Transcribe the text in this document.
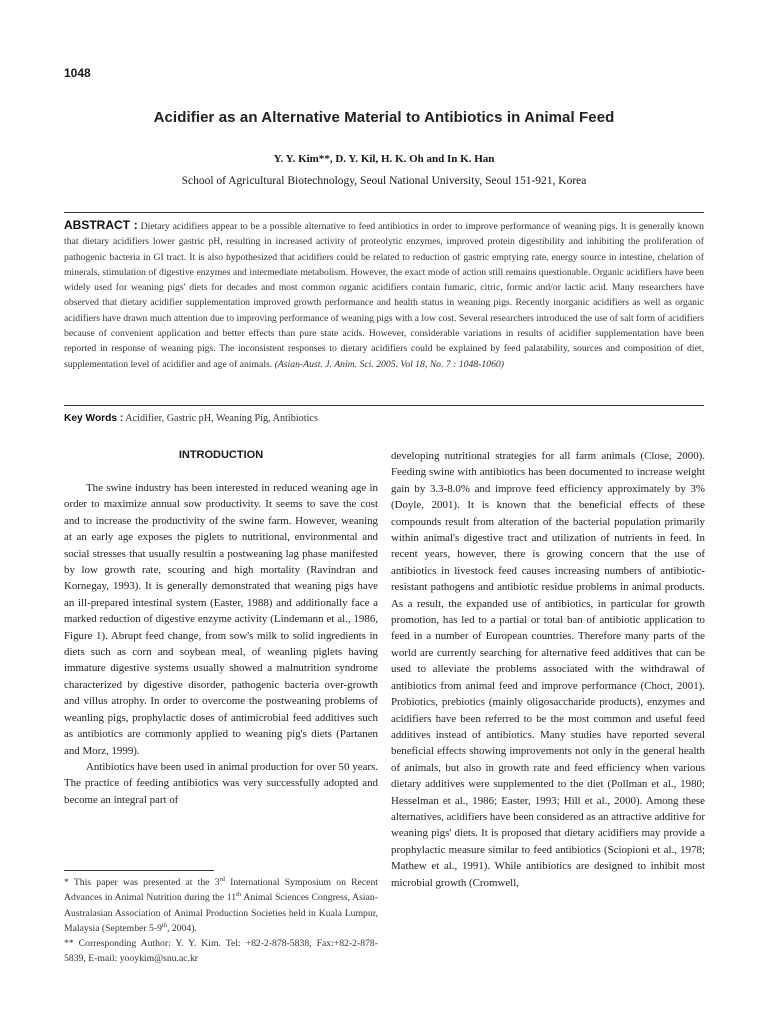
1048
Acidifier as an Alternative Material to Antibiotics in Animal Feed
Y. Y. Kim**, D. Y. Kil, H. K. Oh and In K. Han
School of Agricultural Biotechnology, Seoul National University, Seoul 151-921, Korea
ABSTRACT : Dietary acidifiers appear to be a possible alternative to feed antibiotics in order to improve performance of weaning pigs. It is generally known that dietary acidifiers lower gastric pH, resulting in increased activity of proteolytic enzymes, improved protein digestibility and inhibiting the proliferation of pathogenic bacteria in GI tract. It is also hypothesized that acidifiers could be related to reduction of gastric emptying rate, energy source in intestine, chelation of minerals, stimulation of digestive enzymes and intermediate metabolism. However, the exact mode of action still remains questionable. Organic acidifiers have been widely used for weaning pigs' diets for decades and most common organic acidifiers contain fumaric, citric, formic and/or lactic acid. Many researchers have observed that dietary acidifier supplementation improved growth performance and health status in weaning pigs. Recently inorganic acidifiers as well as organic acidifiers have drawn much attention due to improving performance of weaning pigs with a low cost. Several researchers introduced the use of salt form of acidifiers because of convenient application and better effects than pure state acids. However, considerable variations in results of acidifier supplementation have been reported in response of weaning pigs. The inconsistent responses to dietary acidifiers could be explained by feed palatability, sources and composition of diet, supplementation level of acidifier and age of animals. (Asian-Aust. J. Anim. Sci. 2005. Vol 18, No. 7 : 1048-1060)
Key Words : Acidifier, Gastric pH, Weaning Pig, Antibiotics
INTRODUCTION

The swine industry has been interested in reduced weaning age in order to maximize annual sow productivity. It seems to save the cost and to increase the productivity of the swine farm. However, weaning at an early age exposes the piglets to nutritional, environmental and social stresses that usually resultin a postweaning lag phase manifested by low growth rate, scouring and high mortality (Ravindran and Kornegay, 1993). It is generally demonstrated that weaning pigs have an ill-prepared intestinal system (Easter, 1988) and additionally face a marked reduction of digestive enzyme activity (Lindemann et al., 1986, Figure 1). Abrupt feed change, from sow's milk to solid ingredients in diets such as corn and soybean meal, of weanling piglets having immature digestive systems usually showed a malnutrition syndrome characterized by digestive disorder, pathogenic bacteria over-growth and villus atrophy. In order to overcome the postweaning problems of weanling pigs, prophylactic doses of antimicrobial feed additives such as antibiotics are commonly applied to weaning pig's diets (Partanen and Morz, 1999).

Antibiotics have been used in animal production for over 50 years. The practice of feeding antibiotics was very successfully adopted and become an integral part of

* This paper was presented at the 3rd International Symposium on Recent Advances in Animal Nutrition during the 11th Animal Sciences Congress, Asian-Australasian Association of Animal Production Societies held in Kuala Lumpur, Malaysia (September 5-9th, 2004).

** Corresponding Author: Y. Y. Kim. Tel: +82-2-878-5838, Fax:+82-2-878-5839, E-mail: yooykim@snu.ac.kr

developing nutritional strategies for all farm animals (Close, 2000). Feeding swine with antibiotics has been documented to increase weight gain by 3.3-8.0% and improve feed efficiency approximately by 3% (Doyle, 2001). It is known that the beneficial effects of these compounds result from alteration of the bacterial population primarily within animal's digestive tract and utilization of nutrients in feed. In recent years, however, there is growing concern that the use of antibiotics in livestock feed causes increasing numbers of antibiotic-resistant pathogens and antibiotic residue problems in animal products. As a result, the expanded use of antibiotics, in particular for growth promotion, has led to a partial or total ban of antibiotic application to feed in a number of European countries. Therefore many parts of the world are currently searching for alternative feed additives that can be used to alleviate the problems associated with the withdrawal of antibiotics from animal feed and improve performance (Choct, 2001). Probiotics, prebiotics (mainly oligosaccharide products), enzymes and acidifiers have been referred to be the most common and useful feed additives instead of antibiotics. Many studies have reported several beneficial effects showing improvements not only in the general health of animals, but also in growth rate and feed efficiency when various dietary additives were supplemented to the diet (Pollman et al., 1980; Hesselman et al., 1986; Easter, 1993; Hill et al., 2000). Among these alternatives, acidifiers have been considered as an attractive additive for weaning pigs' diets. It is proposed that dietary acidifiers may provide a prophylactic measure similar to feed antibiotics (Sciopioni et al., 1978; Mathew et al., 1991). While antibiotics are designed to inhibit most microbial growth (Cromwell,
